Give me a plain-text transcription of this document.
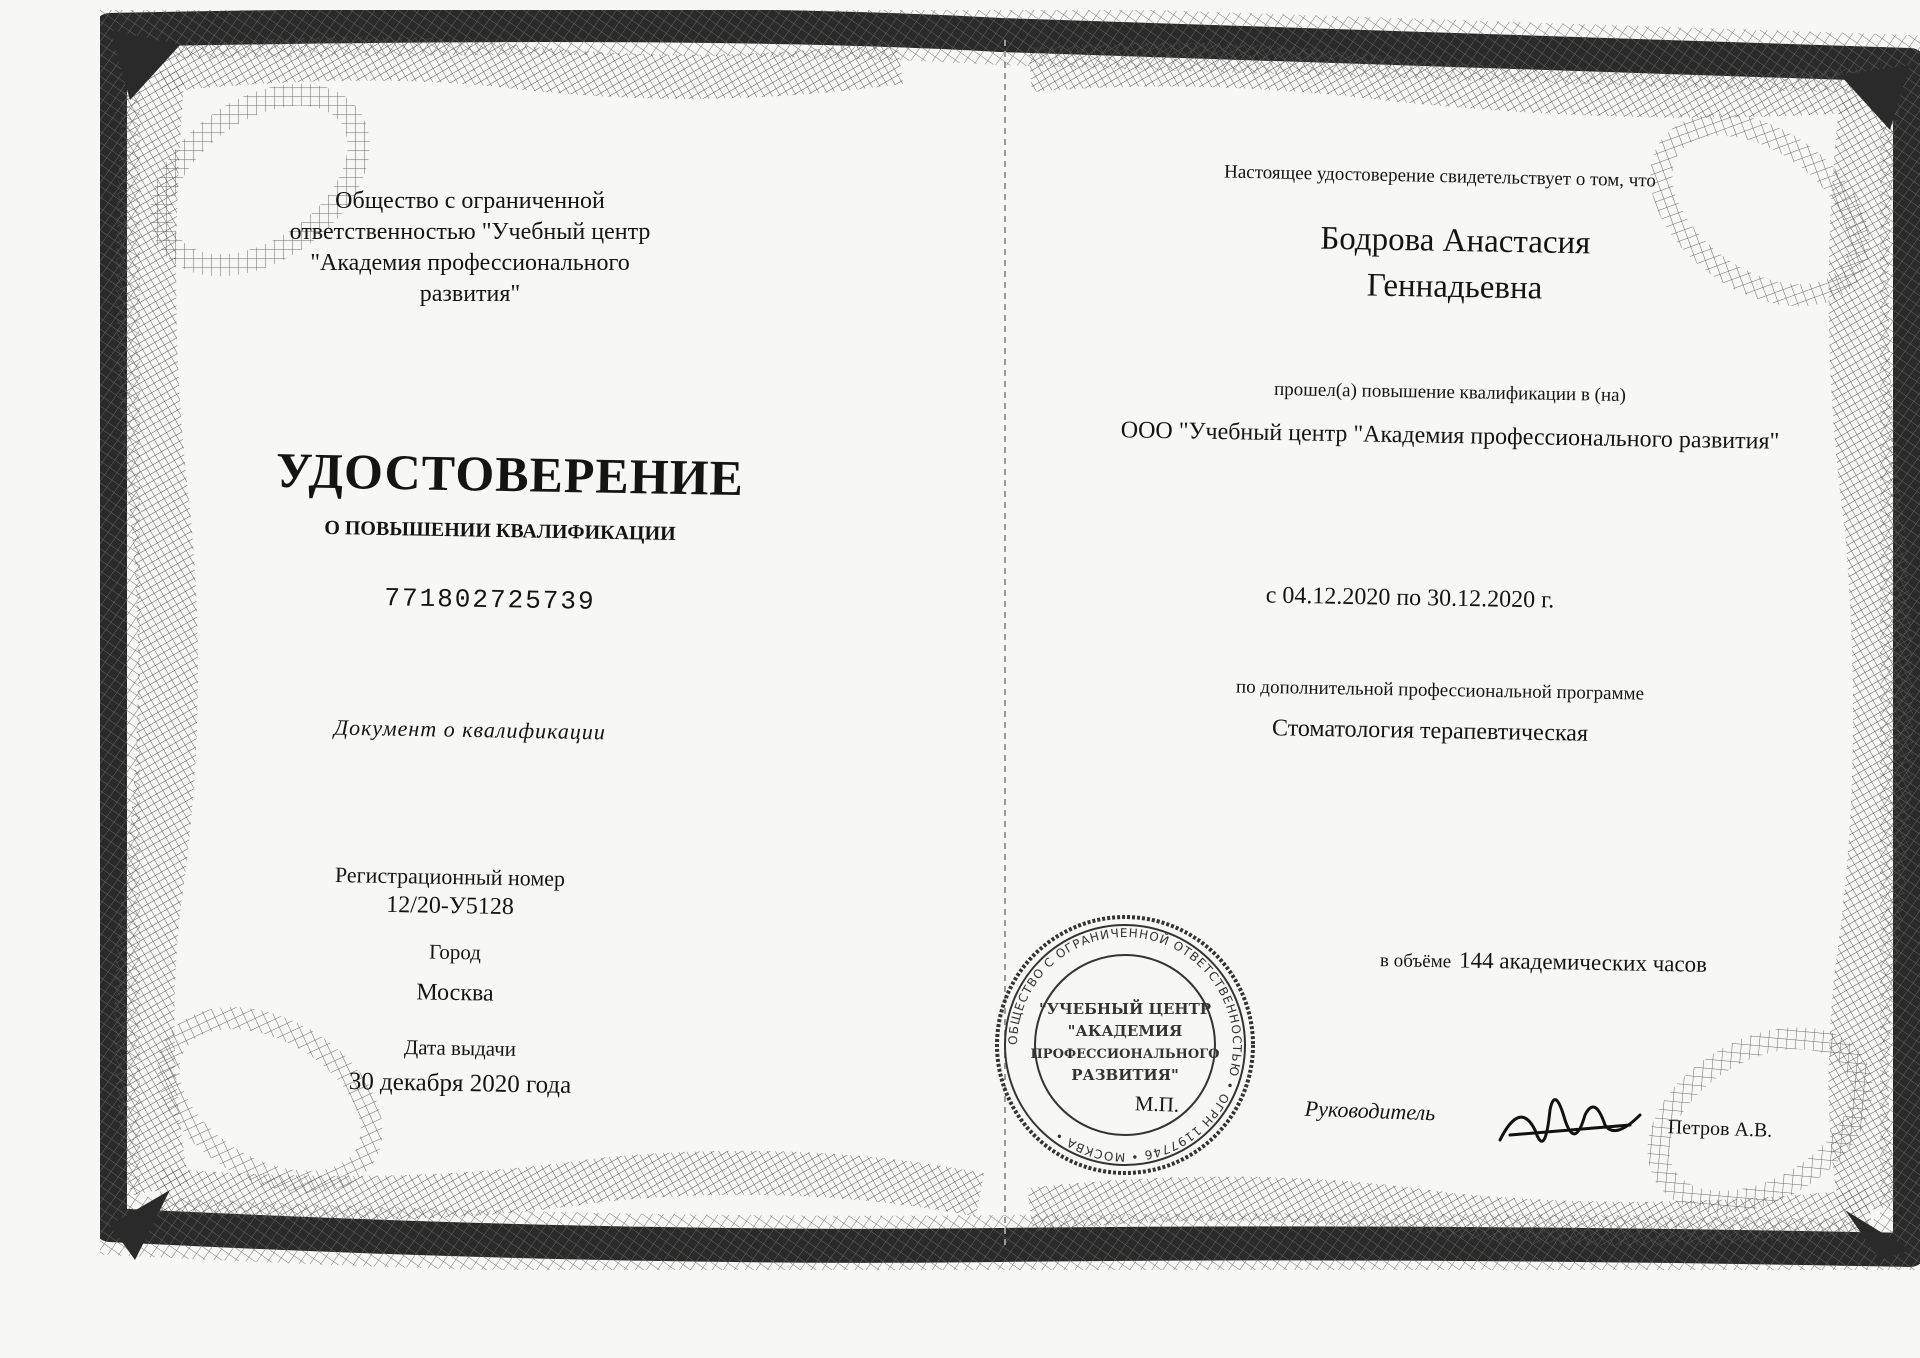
Общество с ограниченной ответственностью "Учебный центр "Академия профессионального развития"

УДОСТОВЕРЕНИЕ

О ПОВЫШЕНИИ КВАЛИФИКАЦИИ

771802725739

Документ о квалификации

Регистрационный номер

12/20-У5128

Город

Москва

Дата выдачи

30 декабря 2020 года

Настоящее удостоверение свидетельствует о том, что

Бодрова Анастасия Геннадьевна

прошел(а) повышение квалификации в (на)

ООО "Учебный центр "Академия профессионального развития"

с 04.12.2020 по 30.12.2020 г.

по дополнительной профессиональной программе

Стоматология терапевтическая

в объёме 144 академических часов

ОБЩЕСТВО С ОГРАНИЧЕННОЙ ОТВЕТСТВЕННОСТЬЮ • ОГРН 1197746 • МОСКВА •
"УЧЕБНЫЙ ЦЕНТР
"АКАДЕМИЯ
ПРОФЕССИОНАЛЬНОГО
РАЗВИТИЯ"

М.П.	Руководитель

Петров А.В.
